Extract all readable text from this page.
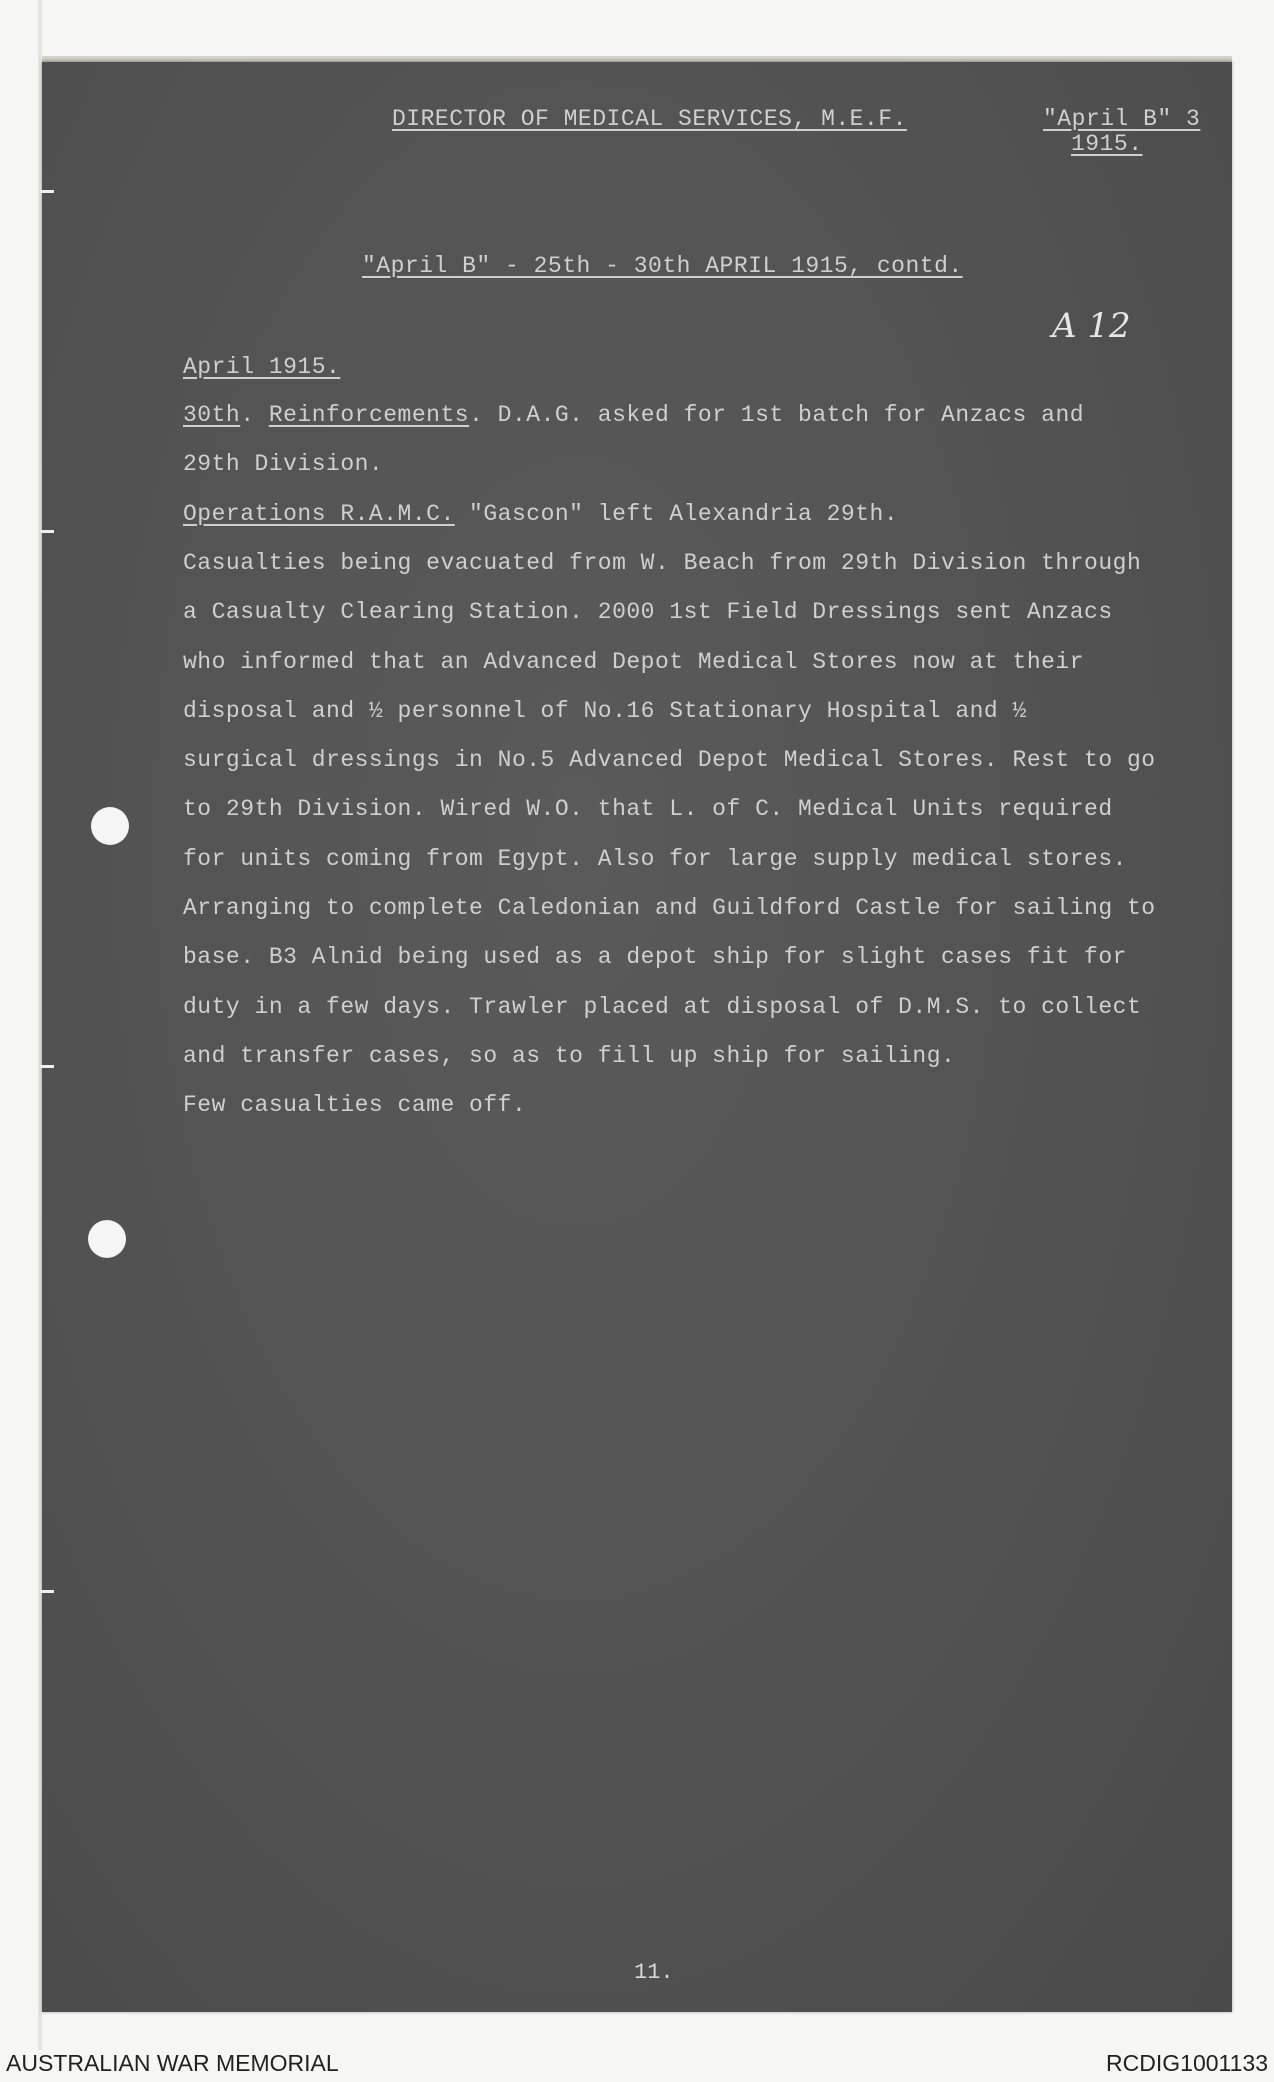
DIRECTOR OF MEDICAL SERVICES, M.E.F.	"April B" 3
1915.
"April B" - 25th - 30th APRIL 1915, contd.
A 12
April 1915.
30th. Reinforcements. D.A.G. asked for 1st batch for Anzacs and
29th Division.
Operations R.A.M.C. "Gascon" left Alexandria 29th.
Casualties being evacuated from W. Beach from 29th Division through
a Casualty Clearing Station. 2000 1st Field Dressings sent Anzacs
who informed that an Advanced Depot Medical Stores now at their
disposal and ½ personnel of No.16 Stationary Hospital and ½
surgical dressings in No.5 Advanced Depot Medical Stores. Rest to go
to 29th Division. Wired W.O. that L. of C. Medical Units required
for units coming from Egypt. Also for large supply medical stores.
Arranging to complete Caledonian and Guildford Castle for sailing to
base. B3 Alnid being used as a depot ship for slight cases fit for
duty in a few days. Trawler placed at disposal of D.M.S. to collect
and transfer cases, so as to fill up ship for sailing.
Few casualties came off.
11.
AUSTRALIAN WAR MEMORIAL	RCDIG1001133
